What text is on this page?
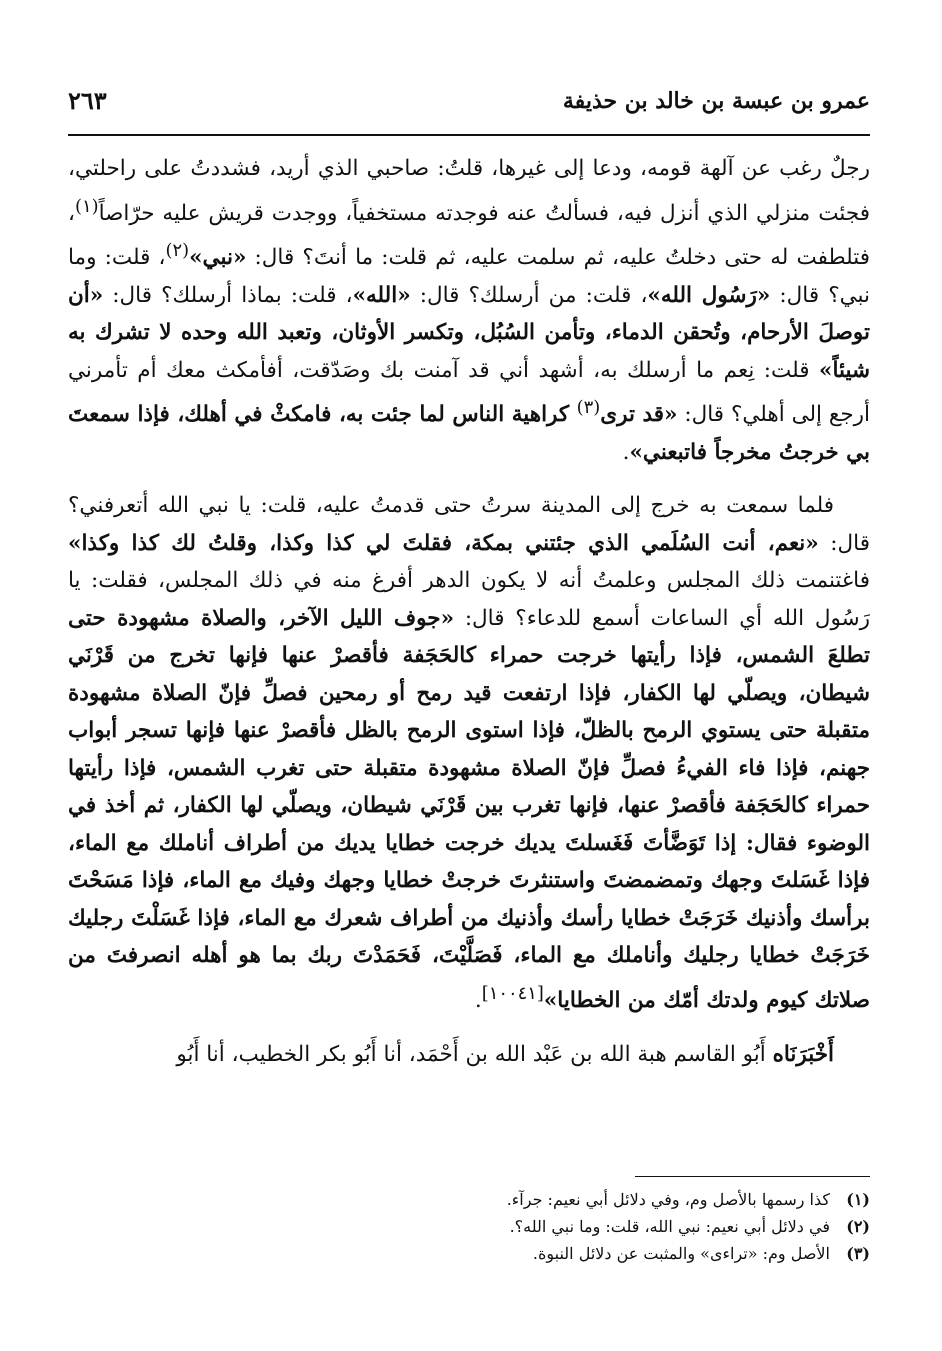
عمرو بن عبسة بن خالد بن حذيفة
٢٦٣

رجلٌ رغب عن آلهة قومه، ودعا إلى غيرها، قلتُ: صاحبي الذي أريد، فشددتُ على راحلتي، فجئت منزلي الذي أنزل فيه، فسألتُ عنه فوجدته مستخفياً، ووجدت قريش عليه حرّاصاً$^{(١)}$، فتلطفت له حتى دخلتُ عليه، ثم سلمت عليه، ثم قلت: ما أنتَ؟ قال: «نبي»$^{(٢)}$، قلت: وما نبي؟ قال: «رَسُول الله»، قلت: من أرسلك؟ قال: «الله»، قلت: بماذا أرسلك؟ قال: «أن توصلَ الأرحام، وتُحقن الدماء، وتأمن السُبُل، وتكسر الأوثان، وتعبد الله وحده لا تشرك به شيئاً» قلت: نِعم ما أرسلك به، أشهد أني قد آمنت بك وصَدّقت، أفأمكث معك أم تأمرني أرجع إلى أهلي؟ قال: «قد ترى$^{(٣)}$ كراهية الناس لما جئت به، فامكثْ في أهلك، فإذا سمعتَ بي خرجتُ مخرجاً فاتبعني».

فلما سمعت به خرج إلى المدينة سرتُ حتى قدمتُ عليه، قلت: يا نبي الله أتعرفني؟ قال: «نعم، أنت السُلَمي الذي جئتني بمكة، فقلتَ لي كذا وكذا، وقلتُ لك كذا وكذا» فاغتنمت ذلك المجلس وعلمتُ أنه لا يكون الدهر أفرغ منه في ذلك المجلس، فقلت: يا رَسُول الله أي الساعات أسمع للدعاء؟ قال: «جوف الليل الآخر، والصلاة مشهودة حتى تطلعَ الشمس، فإذا رأيتها خرجت حمراء كالحَجَفة فأقصرْ عنها فإنها تخرج من قَرْنَي شيطان، ويصلّي لها الكفار، فإذا ارتفعت قيد رمح أو رمحين فصلِّ فإنّ الصلاة مشهودة متقبلة حتى يستوي الرمح بالظلّ، فإذا استوى الرمح بالظل فأقصرْ عنها فإنها تسجر أبواب جهنم، فإذا فاء الفيءُ فصلِّ فإنّ الصلاة مشهودة متقبلة حتى تغرب الشمس، فإذا رأيتها حمراء كالحَجَفة فأقصرْ عنها، فإنها تغرب بين قَرْنَي شيطان، ويصلّي لها الكفار، ثم أخذ في الوضوء فقال: إذا تَوَضَّأتَ فَغَسلتَ يديك خرجت خطايا يديك من أطراف أناملك مع الماء، فإذا غَسَلتَ وجهك وتمضمضتَ واستنثرتَ خرجتْ خطايا وجهك وفيك مع الماء، فإذا مَسَحْتَ برأسك وأذنيك خَرَجَتْ خطايا رأسك وأذنيك من أطراف شعرك مع الماء، فإذا غَسَلْتَ رجليك خَرَجَتْ خطايا رجليك وأناملك مع الماء، فَصَلَّيْتَ، فَحَمَدْتَ ربك بما هو أهله انصرفتَ من صلاتك كيوم ولدتك أمّك من الخطايا»[١٠٠٤١].

أَخْبَرَنَاه أَبُو القاسم هبة الله بن عَبْد الله بن أَحْمَد، أنا أَبُو بكر الخطيب، أنا أَبُو

(١)
كذا رسمها بالأصل وم، وفي دلائل أبي نعيم: جرآء.

(٢)
في دلائل أبي نعيم: نبي الله، قلت: وما نبي الله؟.

(٣)
الأصل وم: «تراءى» والمثبت عن دلائل النبوة.
